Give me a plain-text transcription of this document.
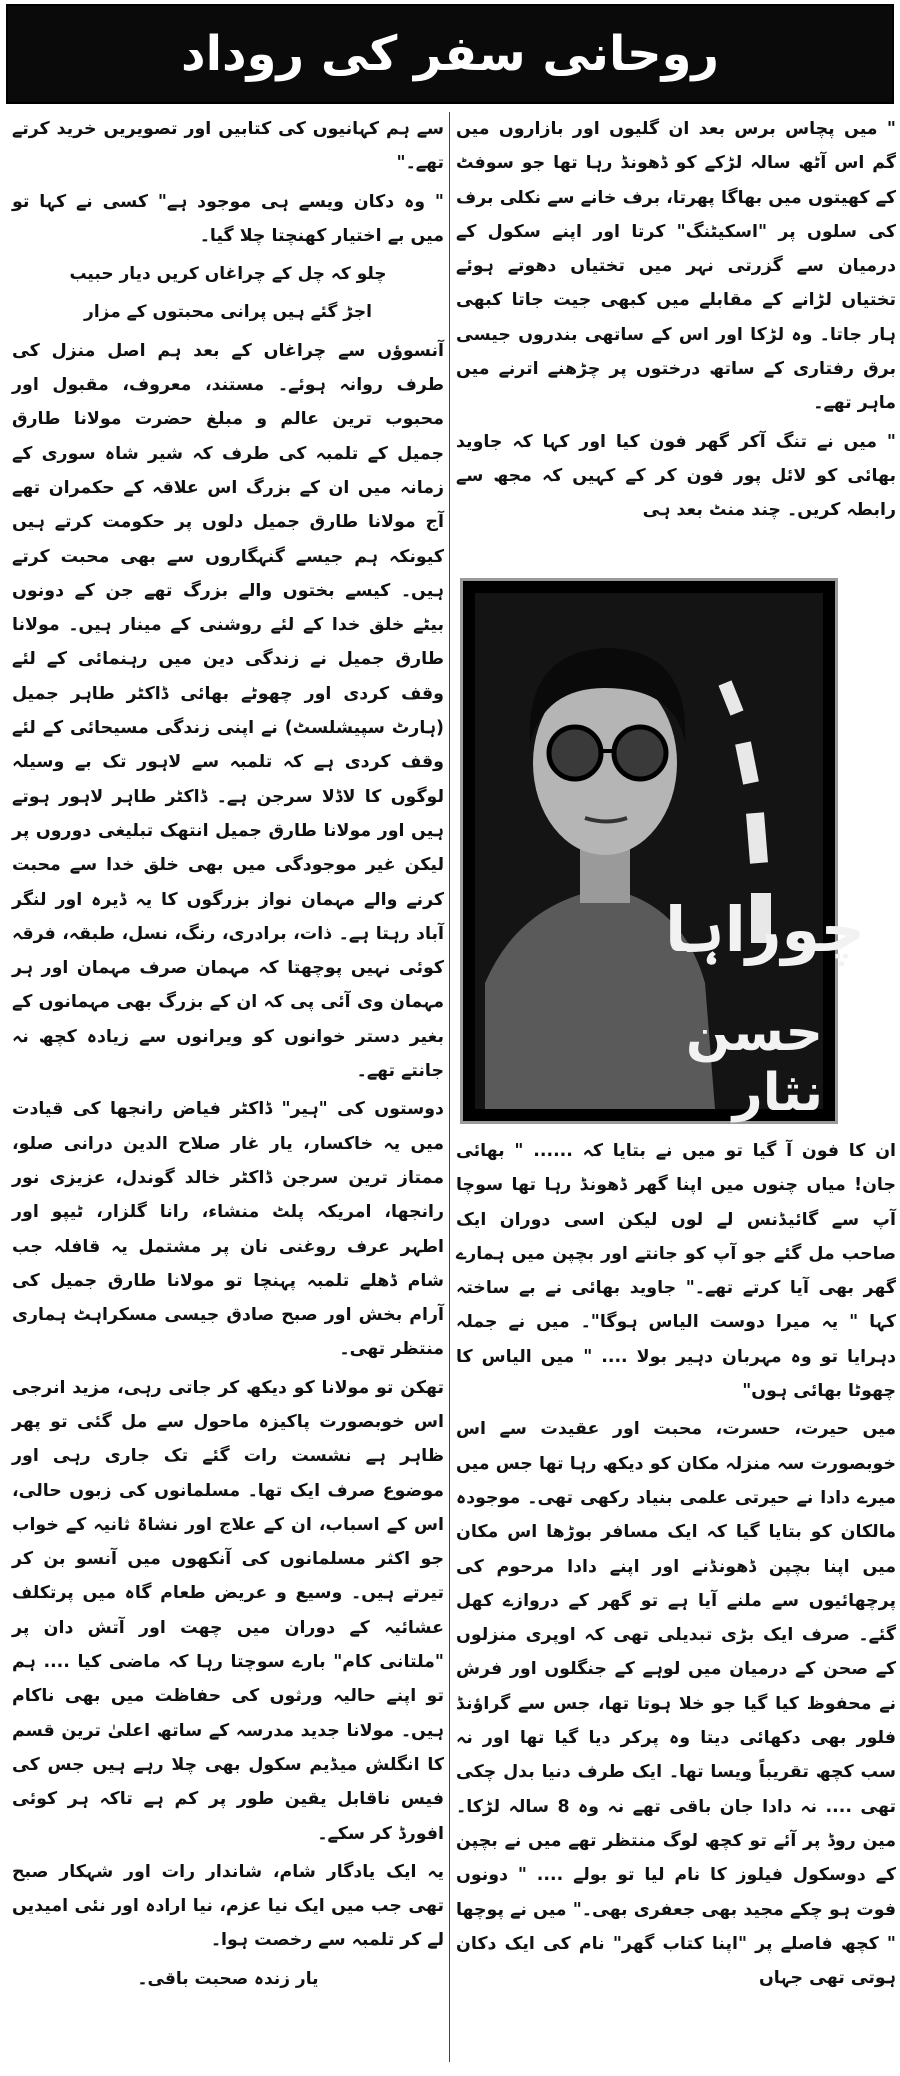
روحانی سفر کی روداد

" میں پچاس برس بعد ان گلیوں اور بازاروں میں گم اس آٹھ سالہ لڑکے کو ڈھونڈ رہا تھا جو سوفٹ کے کھیتوں میں بھاگا پھرتا، برف خانے سے نکلی برف کی سلوں پر "اسکیٹنگ" کرتا اور اپنے سکول کے درمیان سے گزرتی نہر میں تختیاں دھوتے ہوئے تختیاں لڑانے کے مقابلے میں کبھی جیت جاتا کبھی ہار جاتا۔ وہ لڑکا اور اس کے ساتھی بندروں جیسی برق رفتاری کے ساتھ درختوں پر چڑھنے اترنے میں ماہر تھے۔

" میں نے تنگ آکر گھر فون کیا اور کہا کہ جاوید بھائی کو لائل پور فون کر کے کہیں کہ مجھ سے رابطہ کریں۔ چند منٹ بعد ہی

چوراہا
حسن نثار

ان کا فون آ گیا تو میں نے بتایا کہ ...... " بھائی جان! میاں چنوں میں اپنا گھر ڈھونڈ رہا تھا سوچا آپ سے گائیڈنس لے لوں لیکن اسی دوران ایک صاحب مل گئے جو آپ کو جانتے اور بچپن میں ہمارے گھر بھی آیا کرتے تھے۔" جاوید بھائی نے بے ساختہ کہا " یہ میرا دوست الیاس ہوگا"۔ میں نے جملہ دہرایا تو وہ مہربان دہیر بولا .... " میں الیاس کا چھوٹا بھائی ہوں"

میں حیرت، حسرت، محبت اور عقیدت سے اس خوبصورت سہ منزلہ مکان کو دیکھ رہا تھا جس میں میرے دادا نے حیرتی علمی بنیاد رکھی تھی۔ موجودہ مالکان کو بتایا گیا کہ ایک مسافر بوڑھا اس مکان میں اپنا بچپن ڈھونڈنے اور اپنے دادا مرحوم کی پرچھائیوں سے ملنے آیا ہے تو گھر کے دروازے کھل گئے۔ صرف ایک بڑی تبدیلی تھی کہ اوپری منزلوں کے صحن کے درمیان میں لوہے کے جنگلوں اور فرش نے محفوظ کیا گیا جو خلا ہوتا تھا، جس سے گراؤنڈ فلور بھی دکھائی دیتا وہ پرکر دیا گیا تھا اور نہ سب کچھ تقریباً ویسا تھا۔ ایک طرف دنیا بدل چکی تھی .... نہ دادا جان باقی تھے نہ وہ 8 سالہ لڑکا۔ مین روڈ پر آئے تو کچھ لوگ منتظر تھے میں نے بچپن کے دوسکول فیلوز کا نام لیا تو بولے .... " دونوں فوت ہو چکے مجید بھی جعفری بھی۔" میں نے پوچھا " کچھ فاصلے پر "اپنا کتاب گھر" نام کی ایک دکان ہوتی تھی جہاں

سے ہم کہانیوں کی کتابیں اور تصویریں خرید کرتے تھے۔"

" وہ دکان ویسے ہی موجود ہے" کسی نے کہا تو میں بے اختیار کھنچتا چلا گیا۔

چلو کہ چل کے چراغاں کریں دیار حبیب

اجڑ گئے ہیں پرانی محبتوں کے مزار

آنسوؤں سے چراغاں کے بعد ہم اصل منزل کی طرف روانہ ہوئے۔ مستند، معروف، مقبول اور محبوب ترین عالم و مبلغ حضرت مولانا طارق جمیل کے تلمبہ کی طرف کہ شیر شاہ سوری کے زمانہ میں ان کے بزرگ اس علاقہ کے حکمران تھے آج مولانا طارق جمیل دلوں پر حکومت کرتے ہیں کیونکہ ہم جیسے گنہگاروں سے بھی محبت کرتے ہیں۔ کیسے بختوں والے بزرگ تھے جن کے دونوں بیٹے خلق خدا کے لئے روشنی کے مینار ہیں۔ مولانا طارق جمیل نے زندگی دین میں رہنمائی کے لئے وقف کردی اور چھوٹے بھائی ڈاکٹر طاہر جمیل (ہارٹ سپیشلسٹ) نے اپنی زندگی مسیحائی کے لئے وقف کردی ہے کہ تلمبہ سے لاہور تک بے وسیلہ لوگوں کا لاڈلا سرجن ہے۔ ڈاکٹر طاہر لاہور ہوتے ہیں اور مولانا طارق جمیل انتھک تبلیغی دوروں پر لیکن غیر موجودگی میں بھی خلق خدا سے محبت کرنے والے مہمان نواز بزرگوں کا یہ ڈیرہ اور لنگر آباد رہتا ہے۔ ذات، برادری، رنگ، نسل، طبقہ، فرقہ کوئی نہیں پوچھتا کہ مہمان صرف مہمان اور ہر مہمان وی آئی پی کہ ان کے بزرگ بھی مہمانوں کے بغیر دستر خوانوں کو ویرانوں سے زیادہ کچھ نہ جانتے تھے۔

دوستوں کی "ہیر" ڈاکٹر فیاض رانجھا کی قیادت میں یہ خاکسار، یار غار صلاح الدین درانی صلو، ممتاز ترین سرجن ڈاکٹر خالد گوندل، عزیزی نور رانجھا، امریکہ پلٹ منشاء، رانا گلزار، ٹیپو اور اطہر عرف روغنی نان پر مشتمل یہ قافلہ جب شام ڈھلے تلمبہ پہنچا تو مولانا طارق جمیل کی آرام بخش اور صبح صادق جیسی مسکراہٹ ہماری منتظر تھی۔

تھکن تو مولانا کو دیکھ کر جاتی رہی، مزید انرجی اس خوبصورت پاکیزہ ماحول سے مل گئی تو پھر ظاہر ہے نشست رات گئے تک جاری رہی اور موضوع صرف ایک تھا۔ مسلمانوں کی زبوں حالی، اس کے اسباب، ان کے علاج اور نشاۃ ثانیہ کے خواب جو اکثر مسلمانوں کی آنکھوں میں آنسو بن کر تیرتے ہیں۔ وسیع و عریض طعام گاہ میں پرتکلف عشائیہ کے دوران میں چھت اور آتش دان پر "ملتانی کام" بارے سوچتا رہا کہ ماضی کیا .... ہم تو اپنے حالیہ ورثوں کی حفاظت میں بھی ناکام ہیں۔ مولانا جدید مدرسہ کے ساتھ اعلیٰ ترین قسم کا انگلش میڈیم سکول بھی چلا رہے ہیں جس کی فیس ناقابل یقین طور پر کم ہے تاکہ ہر کوئی افورڈ کر سکے۔

یہ ایک یادگار شام، شاندار رات اور شہکار صبح تھی جب میں ایک نیا عزم، نیا ارادہ اور نئی امیدیں لے کر تلمبہ سے رخصت ہوا۔

یار زندہ صحبت باقی۔
